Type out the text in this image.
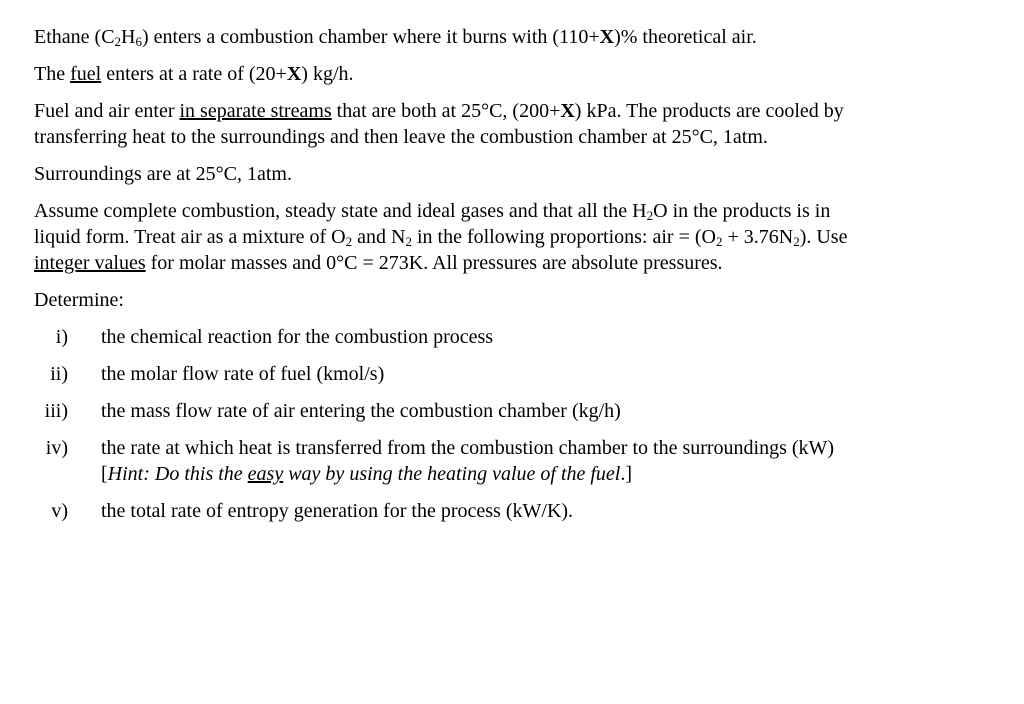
Ethane $(C_2H_6)$ enters a combustion chamber where it burns with (110+X)% theoretical air.

The fuel enters at a rate of (20+X) kg/h.

Fuel and air enter in separate streams that are both at 25°C, (200+X) kPa. The products are cooled by

transferring heat to the surroundings and then leave the combustion chamber at 25°C, 1atm.

Surroundings are at 25°C, 1atm.

Assume complete combustion, steady state and ideal gases and that all the $H_2O$ in the products is in

liquid form. Treat air as a mixture of $O_2$ and $N_2$ in the following proportions: air = $(O_2 + 3.76N_2)$. Use

integer values for molar masses and 0°C = 273K. All pressures are absolute pressures.

Determine:

i) the chemical reaction for the combustion process
ii) the molar flow rate of fuel (kmol/s)
iii) the mass flow rate of air entering the combustion chamber (kg/h)
iv) the rate at which heat is transferred from the combustion chamber to the surroundings (kW)
[Hint: Do this the easy way by using the heating value of the fuel.]
v) the total rate of entropy generation for the process (kW/K).
